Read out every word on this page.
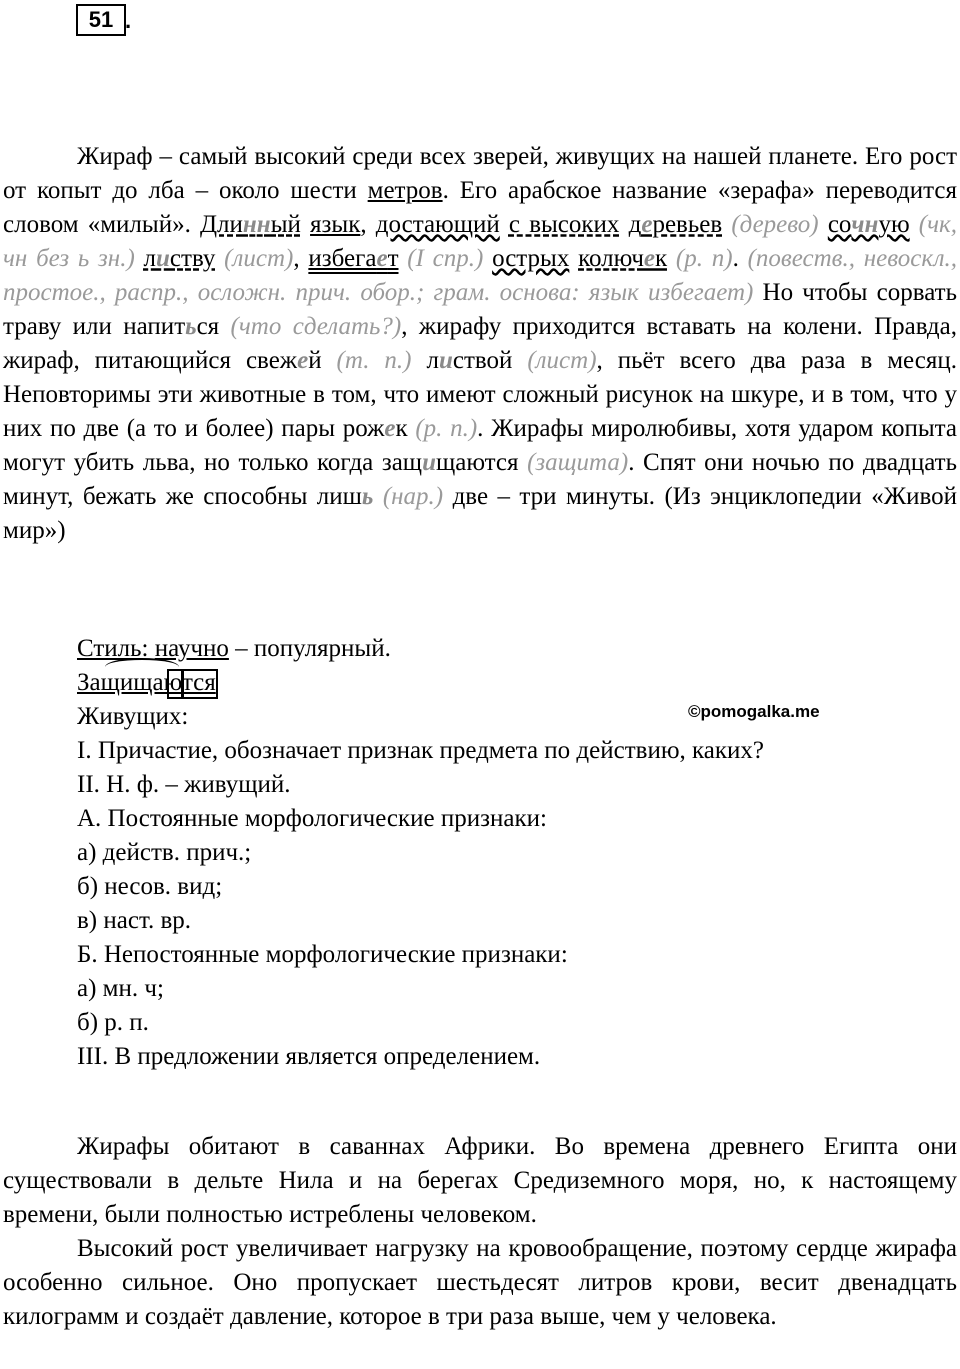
51 .

Жираф – самый высокий среди всех зверей, живущих на нашей планете. Его рост от копыт до лба – около шести метров. Его арабское название «зерафа» переводится словом «милый». Длинный язык, достающий с высоких деревьев (дерево) сочную (чк, чн без ь зн.) листву (лист), избегает (I спр.) острых колючек (р. п). (повеств., невоскл., простое., распр., осложн. прич. обор.; грам. основа: язык избегает) Но чтобы сорвать траву или напиться (что сделать?), жирафу приходится вставать на колени. Правда, жираф, питающийся свежей (т. п.) листвой (лист), пьёт всего два раза в месяц. Неповторимы эти животные в том, что имеют сложный рисунок на шкуре, и в том, что у них по две (а то и более) пары рожек (р. п.). Жирафы миролюбивы, хотя ударом копыта могут убить льва, но только когда защищаются (защита). Спят они ночью по двадцать минут, бежать же способны лишь (нар.) две – три минуты. (Из энциклопедии «Живой мир»)

Стиль: научно – популярный.
Защищаются
Живущих:
I. Причастие, обозначает признак предмета по действию, каких?
II. Н. ф. – живущий.
А. Постоянные морфологические признаки:
а) действ. прич.;
б) несов. вид;
в) наст. вр.
Б. Непостоянные морфологические признаки:
а) мн. ч;
б) р. п.
III. В предложении является определением.
©pomogalka.me

Жирафы обитают в саваннах Африки. Во времена древнего Египта они существовали в дельте Нила и на берегах Средиземного моря, но, к настоящему времени, были полностью истреблены человеком.

Высокий рост увеличивает нагрузку на кровообращение, поэтому сердце жирафа особенно сильное. Оно пропускает шестьдесят литров крови, весит двенадцать килограмм и создаёт давление, которое в три раза выше, чем у человека.
